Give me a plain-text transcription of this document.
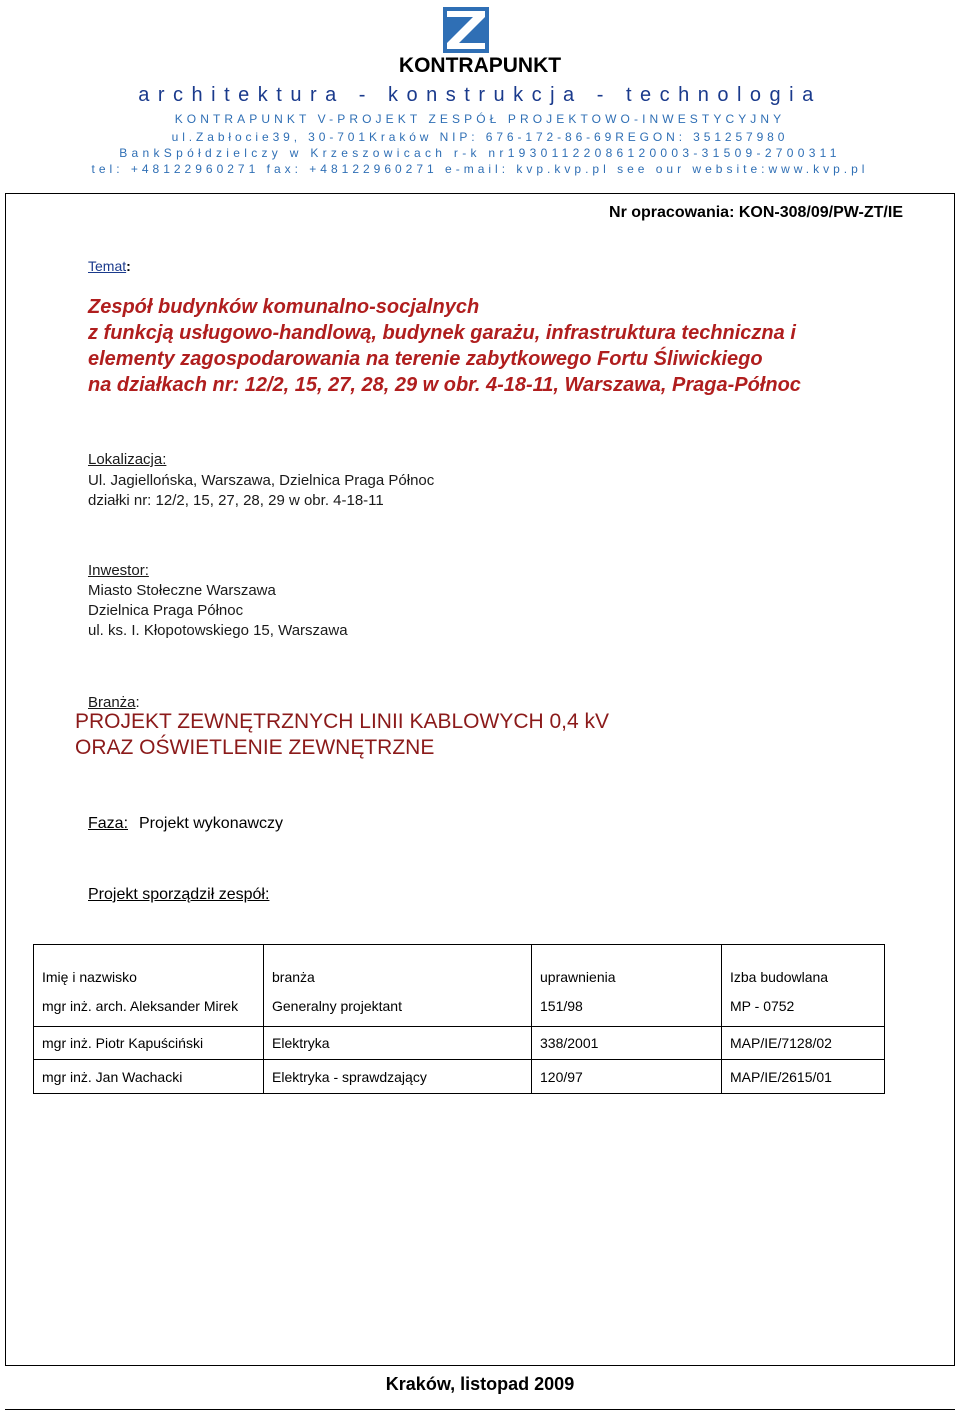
KONTRAPUNKT
architektura - konstrukcja - technologia
KONTRAPUNKT V-PROJEKT ZESPÓŁ PROJEKTOWO-INWESTYCYJNY
ul.Zabłocie39, 30-701Kraków NIP: 676-172-86-69REGON: 351257980
BankSpółdzielczy w Krzeszowicach r-k nr19301122086120003-31509-2700311
tel: +48122960271 fax: +48122960271 e-mail: kvp.kvp.pl see our website:www.kvp.pl
Nr opracowania: KON-308/09/PW-ZT/IE
Temat:
Zespół budynków komunalno-socjalnych
z funkcją usługowo-handlową, budynek garażu, infrastruktura techniczna i
elementy zagospodarowania na terenie zabytkowego Fortu Śliwickiego
na działkach nr: 12/2, 15, 27, 28, 29 w obr. 4-18-11, Warszawa, Praga-Północ
Lokalizacja:
Ul. Jagiellońska, Warszawa, Dzielnica Praga Północ
działki nr: 12/2, 15, 27, 28, 29 w obr. 4-18-11
Inwestor:
Miasto Stołeczne Warszawa
Dzielnica Praga Północ
ul. ks. I. Kłopotowskiego 15, Warszawa
Branża:
PROJEKT ZEWNĘTRZNYCH LINII KABLOWYCH 0,4 kV
ORAZ OŚWIETLENIE ZEWNĘTRZNE
Faza: Projekt wykonawczy
Projekt sporządził zespół:
Imię i nazwisko	branża	uprawnienia	Izba budowlana
mgr inż. arch. Aleksander Mirek	Generalny projektant	151/98	MP - 0752
mgr inż. Piotr Kapuściński	Elektryka	338/2001	MAP/IE/7128/02
mgr inż. Jan Wachacki	Elektryka - sprawdzający	120/97	MAP/IE/2615/01
Kraków, listopad 2009
